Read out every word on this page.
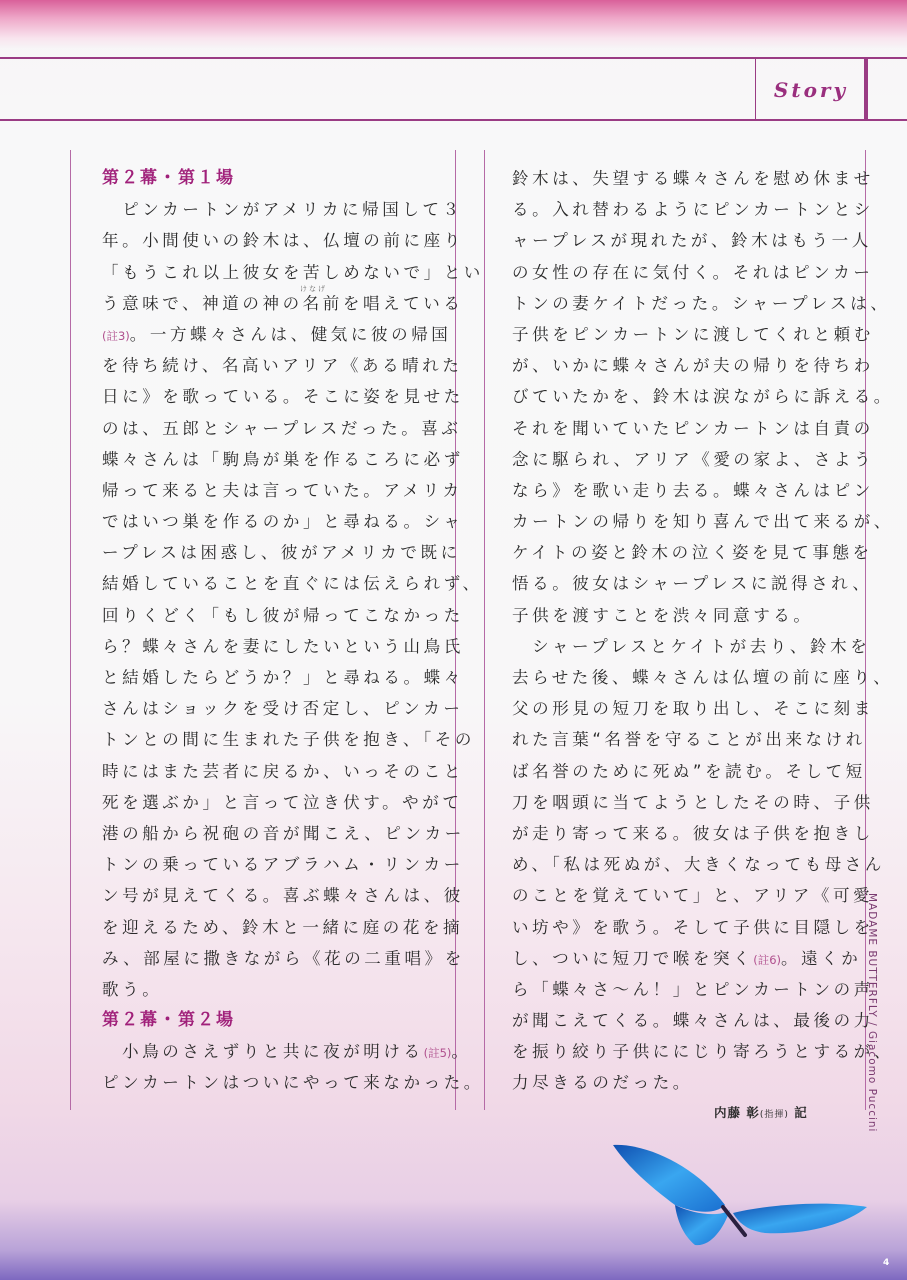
Story
第２幕・第１場
　ピンカートンがアメリカに帰国して３
年。小間使いの鈴木は、仏壇の前に座り
「もうこれ以上彼女を苦しめないで」とい
う意味で、神道の神の名前を唱えている
(註3)。一方蝶々さんは、健気に彼の帰国
を待ち続け、名高いアリア《ある晴れた
日に》を歌っている。そこに姿を見せた
のは、五郎とシャープレスだった。喜ぶ
蝶々さんは「駒鳥が巣を作るころに必ず
帰って来ると夫は言っていた。アメリカ
ではいつ巣を作るのか」と尋ねる。シャ
ープレスは困惑し、彼がアメリカで既に
結婚していることを直ぐには伝えられず、
回りくどく「もし彼が帰ってこなかった
ら？蝶々さんを妻にしたいという山鳥氏
と結婚したらどうか？」と尋ねる。蝶々
さんはショックを受け否定し、ピンカー
トンとの間に生まれた子供を抱き、「その
時にはまた芸者に戻るか、いっそのこと
死を選ぶか」と言って泣き伏す。やがて
港の船から祝砲の音が聞こえ、ピンカー
トンの乗っているアブラハム・リンカー
ン号が見えてくる。喜ぶ蝶々さんは、彼
を迎えるため、鈴木と一緒に庭の花を摘
み、部屋に撒きながら《花の二重唱》を
歌う。
第２幕・第２場
　小鳥のさえずりと共に夜が明ける(註5)。
ピンカートンはついにやって来なかった。
けなげ
鈴木は、失望する蝶々さんを慰め休ませ
る。入れ替わるようにピンカートンとシ
ャープレスが現れたが、鈴木はもう一人
の女性の存在に気付く。それはピンカー
トンの妻ケイトだった。シャープレスは、
子供をピンカートンに渡してくれと頼む
が、いかに蝶々さんが夫の帰りを待ちわ
びていたかを、鈴木は涙ながらに訴える。
それを聞いていたピンカートンは自責の
念に駆られ、アリア《愛の家よ、さよう
なら》を歌い走り去る。蝶々さんはピン
カートンの帰りを知り喜んで出て来るが、
ケイトの姿と鈴木の泣く姿を見て事態を
悟る。彼女はシャープレスに説得され、
子供を渡すことを渋々同意する。
　シャープレスとケイトが去り、鈴木を
去らせた後、蝶々さんは仏壇の前に座り、
父の形見の短刀を取り出し、そこに刻ま
れた言葉“名誉を守ることが出来なけれ
ば名誉のために死ぬ”を読む。そして短
刀を咽頭に当てようとしたその時、子供
が走り寄って来る。彼女は子供を抱きし
め、「私は死ぬが、大きくなっても母さん
のことを覚えていて」と、アリア《可愛
い坊や》を歌う。そして子供に目隠しを
し、ついに短刀で喉を突く(註6)。遠くか
ら「蝶々さ〜ん！」とピンカートンの声
が聞こえてくる。蝶々さんは、最後の力
を振り絞り子供ににじり寄ろうとするが、
力尽きるのだった。
内藤 彰(指揮) 記	MADAME BUTTERFLY / Giacomo Puccini
4
